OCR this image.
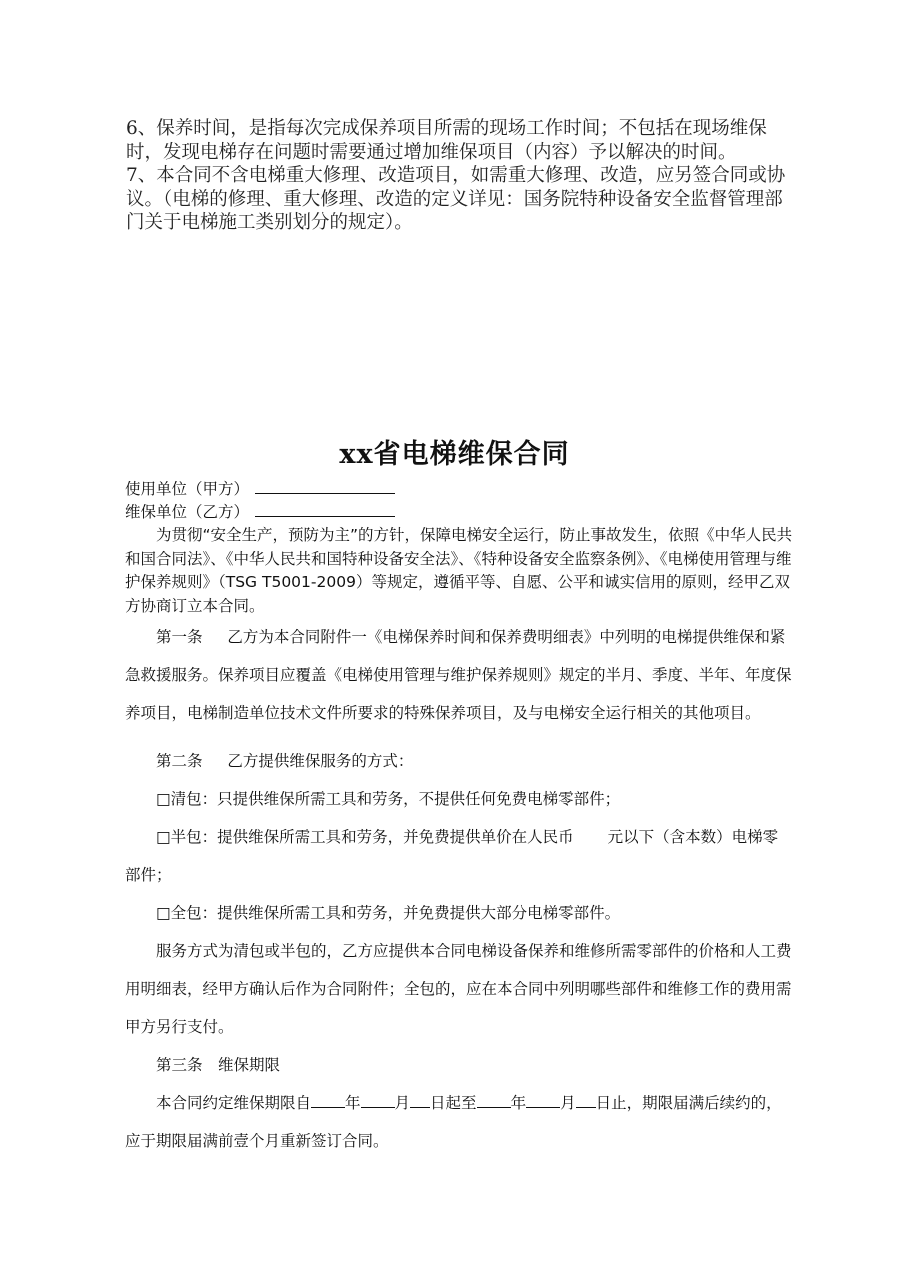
6、保养时间，是指每次完成保养项目所需的现场工作时间；不包括在现场维保时，发现电梯存在问题时需要通过增加维保项目（内容）予以解决的时间。

7、本合同不含电梯重大修理、改造项目，如需重大修理、改造，应另签合同或协议。（电梯的修理、重大修理、改造的定义详见：国务院特种设备安全监督管理部门关于电梯施工类别划分的规定）。

xx省电梯维保合同

使用单位（甲方）

维保单位（乙方）

为贯彻“安全生产，预防为主”的方针，保障电梯安全运行，防止事故发生，依照《中华人民共和国合同法》、《中华人民共和国特种设备安全法》、《特种设备安全监察条例》、《电梯使用管理与维护保养规则》（TSG T5001-2009）等规定，遵循平等、自愿、公平和诚实信用的原则，经甲乙双方协商订立本合同。

第一条 乙方为本合同附件一《电梯保养时间和保养费明细表》中列明的电梯提供维保和紧急救援服务。保养项目应覆盖《电梯使用管理与维护保养规则》规定的半月、季度、半年、年度保养项目，电梯制造单位技术文件所要求的特殊保养项目，及与电梯安全运行相关的其他项目。

第二条 乙方提供维保服务的方式：

□清包：只提供维保所需工具和劳务，不提供任何免费电梯零部件；

□半包：提供维保所需工具和劳务，并免费提供单价在人民币 元以下（含本数）电梯零部件；

□全包：提供维保所需工具和劳务，并免费提供大部分电梯零部件。

服务方式为清包或半包的，乙方应提供本合同电梯设备保养和维修所需零部件的价格和人工费用明细表，经甲方确认后作为合同附件；全包的，应在本合同中列明哪些部件和维修工作的费用需甲方另行支付。

第三条 维保期限

本合同约定维保期限自 年 月 日起至 年 月 日止，期限届满后续约的，应于期限届满前壹个月重新签订合同。
